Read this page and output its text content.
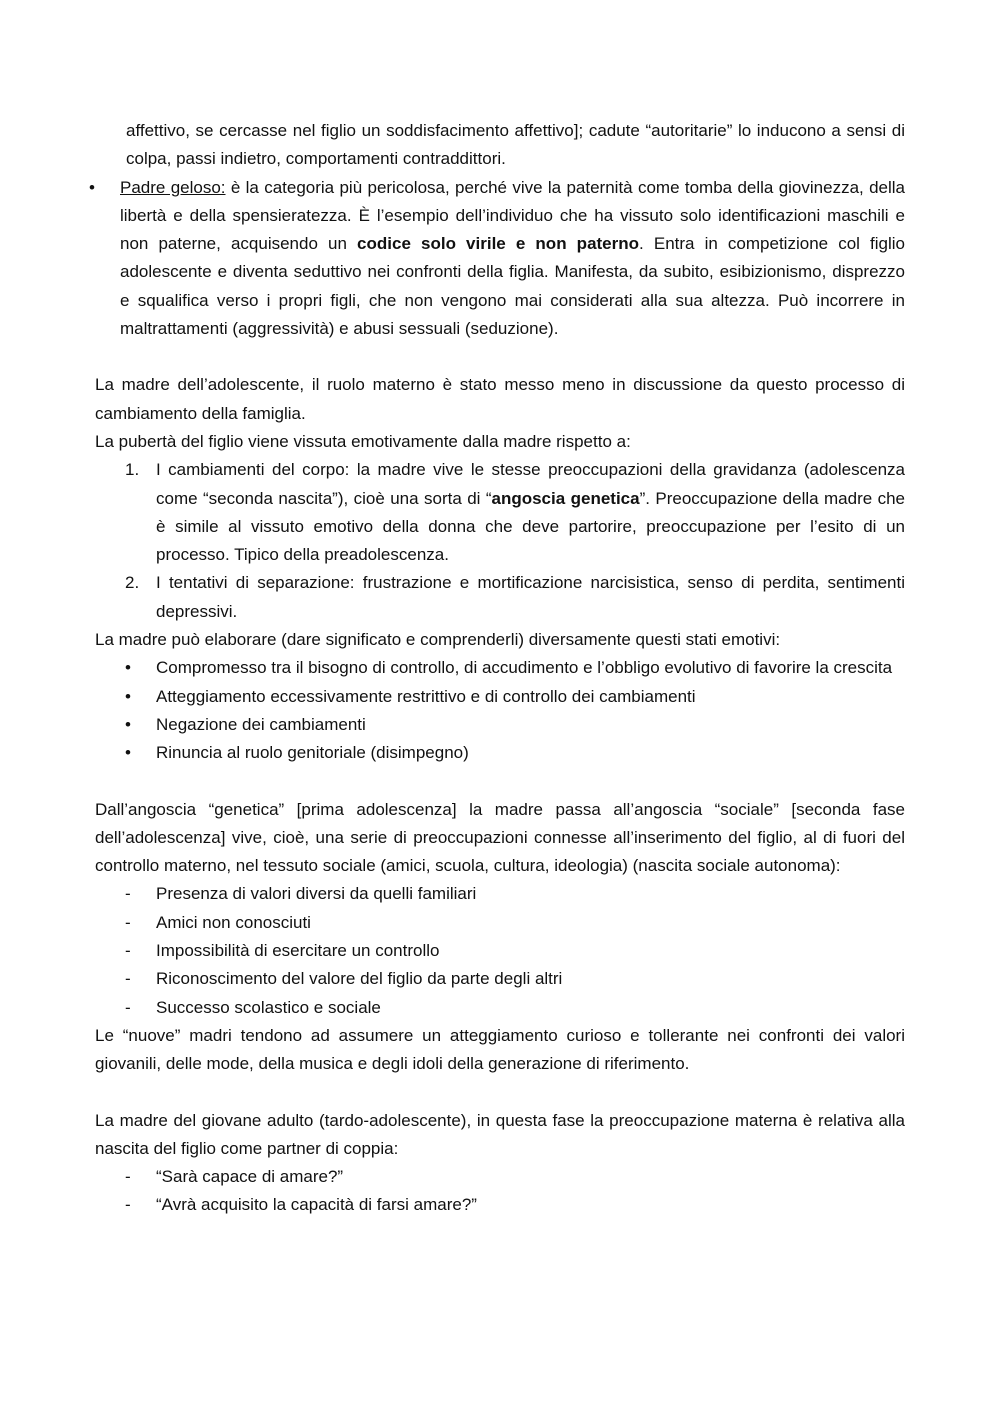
affettivo, se cercasse nel figlio un soddisfacimento affettivo]; cadute “autoritarie” lo inducono a sensi di colpa, passi indietro, comportamenti contraddittori.

•	Padre geloso: è la categoria più pericolosa, perché vive la paternità come tomba della giovinezza, della libertà e della spensieratezza. È l’esempio dell’individuo che ha vissuto solo identificazioni maschili e non paterne, acquisendo un codice solo virile e non paterno. Entra in competizione col figlio adolescente e diventa seduttivo nei confronti della figlia. Manifesta, da subito, esibizionismo, disprezzo e squalifica verso i propri figli, che non vengono mai considerati alla sua altezza. Può incorrere in maltrattamenti (aggressività) e abusi sessuali (seduzione).

La madre dell’adolescente, il ruolo materno è stato messo meno in discussione da questo processo di cambiamento della famiglia.

La pubertà del figlio viene vissuta emotivamente dalla madre rispetto a:

1. I cambiamenti del corpo: la madre vive le stesse preoccupazioni della gravidanza (adolescenza come “seconda nascita”), cioè una sorta di “angoscia genetica”. Preoccupazione della madre che è simile al vissuto emotivo della donna che deve partorire, preoccupazione per l’esito di un processo. Tipico della preadolescenza.
2. I tentativi di separazione: frustrazione e mortificazione narcisistica, senso di perdita, sentimenti depressivi.

La madre può elaborare (dare significato e comprenderli) diversamente questi stati emotivi:

•	Compromesso tra il bisogno di controllo, di accudimento e l’obbligo evolutivo di favorire la crescita
•	Atteggiamento eccessivamente restrittivo e di controllo dei cambiamenti
•	Negazione dei cambiamenti
•	Rinuncia al ruolo genitoriale (disimpegno)

Dall’angoscia “genetica” [prima adolescenza] la madre passa all’angoscia “sociale” [seconda fase dell’adolescenza] vive, cioè, una serie di preoccupazioni connesse all’inserimento del figlio, al di fuori del controllo materno, nel tessuto sociale (amici, scuola, cultura, ideologia) (nascita sociale autonoma):

-	Presenza di valori diversi da quelli familiari
-	Amici non conosciuti
-	Impossibilità di esercitare un controllo
-	Riconoscimento del valore del figlio da parte degli altri
-	Successo scolastico e sociale

Le “nuove” madri tendono ad assumere un atteggiamento curioso e tollerante nei confronti dei valori giovanili, delle mode, della musica e degli idoli della generazione di riferimento.

La madre del giovane adulto (tardo-adolescente), in questa fase la preoccupazione materna è relativa alla nascita del figlio come partner di coppia:

-	“Sarà capace di amare?”
-	“Avrà acquisito la capacità di farsi amare?”
